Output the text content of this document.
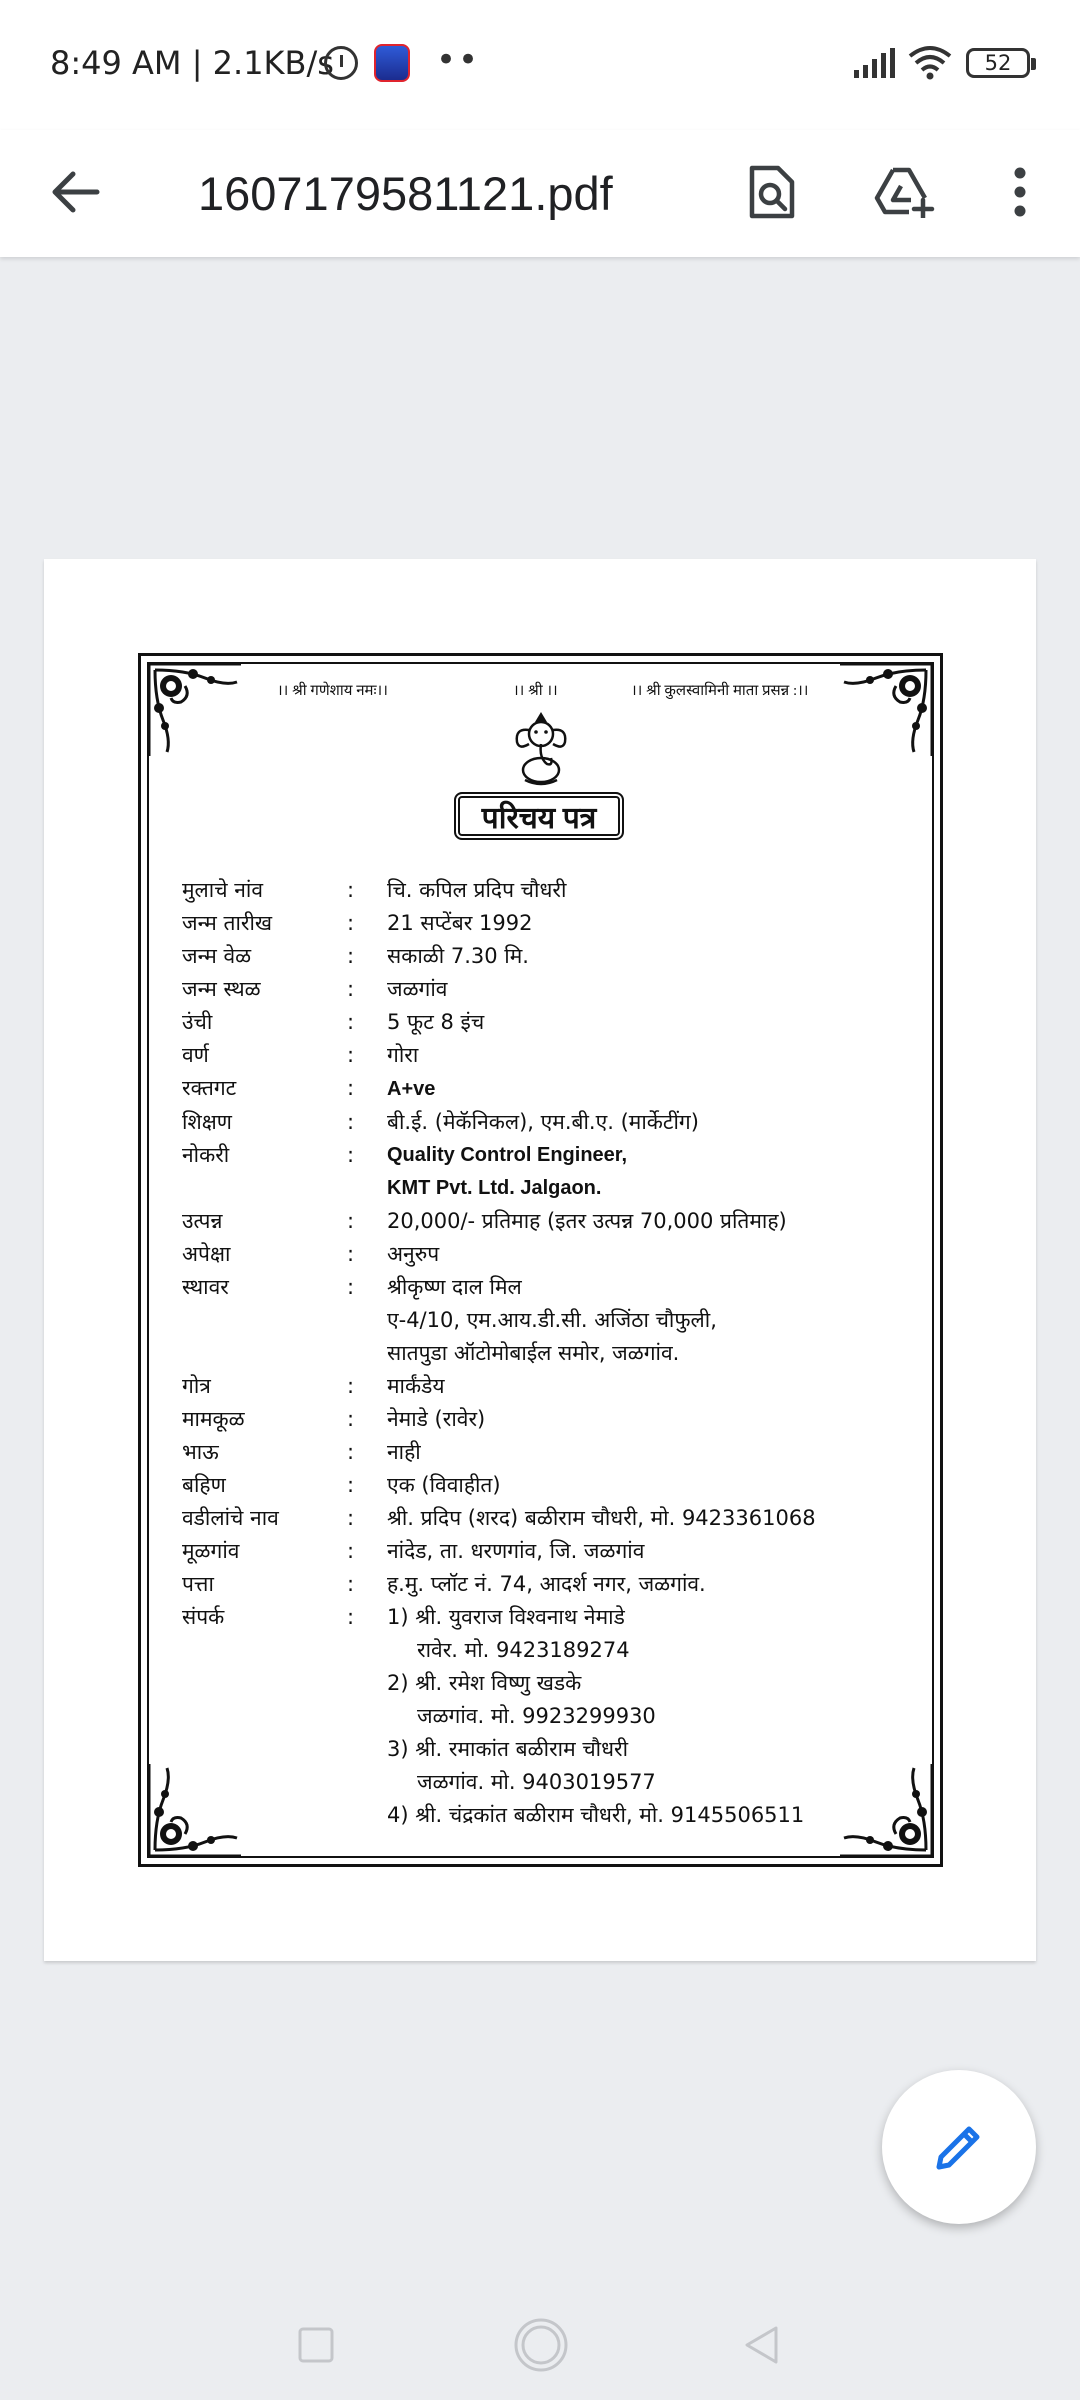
8:49 AM | 2.1KB/s	••	52
1607179581121.pdf
।। श्री गणेशाय नमः।।	।। श्री ।।	।। श्री कुलस्वामिनी माता प्रसन्न :।।
परिचय पत्र
मुलाचे नांव	:	चि. कपिल प्रदिप चौधरी
जन्म तारीख	:	21 सप्टेंबर 1992
जन्म वेळ	:	सकाळी 7.30 मि.
जन्म स्थळ	:	जळगांव
उंची	:	5 फूट 8 इंच
वर्ण	:	गोरा
रक्तगट	:	A+ve
शिक्षण	:	बी.ई. (मेकॅनिकल), एम.बी.ए. (मार्केटींग)
नोकरी	:	Quality Control Engineer,
KMT Pvt. Ltd. Jalgaon.
उत्पन्न	:	20,000/- प्रतिमाह (इतर उत्पन्न 70,000 प्रतिमाह)
अपेक्षा	:	अनुरुप
स्थावर	:	श्रीकृष्ण दाल मिल
ए-4/10, एम.आय.डी.सी. अजिंठा चौफुली,
सातपुडा ऑटोमोबाईल समोर, जळगांव.
गोत्र	:	मार्कंडेय
मामकूळ	:	नेमाडे (रावेर)
भाऊ	:	नाही
बहिण	:	एक (विवाहीत)
वडीलांचे नाव	:	श्री. प्रदिप (शरद) बळीराम चौधरी, मो. 9423361068
मूळगांव	:	नांदेड, ता. धरणगांव, जि. जळगांव
पत्ता	:	ह.मु. प्लॉट नं. 74, आदर्श नगर, जळगांव.
संपर्क	:	1) श्री. युवराज विश्वनाथ नेमाडे
रावेर. मो. 9423189274
2) श्री. रमेश विष्णु खडके
जळगांव. मो. 9923299930
3) श्री. रमाकांत बळीराम चौधरी
जळगांव. मो. 9403019577
4) श्री. चंद्रकांत बळीराम चौधरी, मो. 9145506511
